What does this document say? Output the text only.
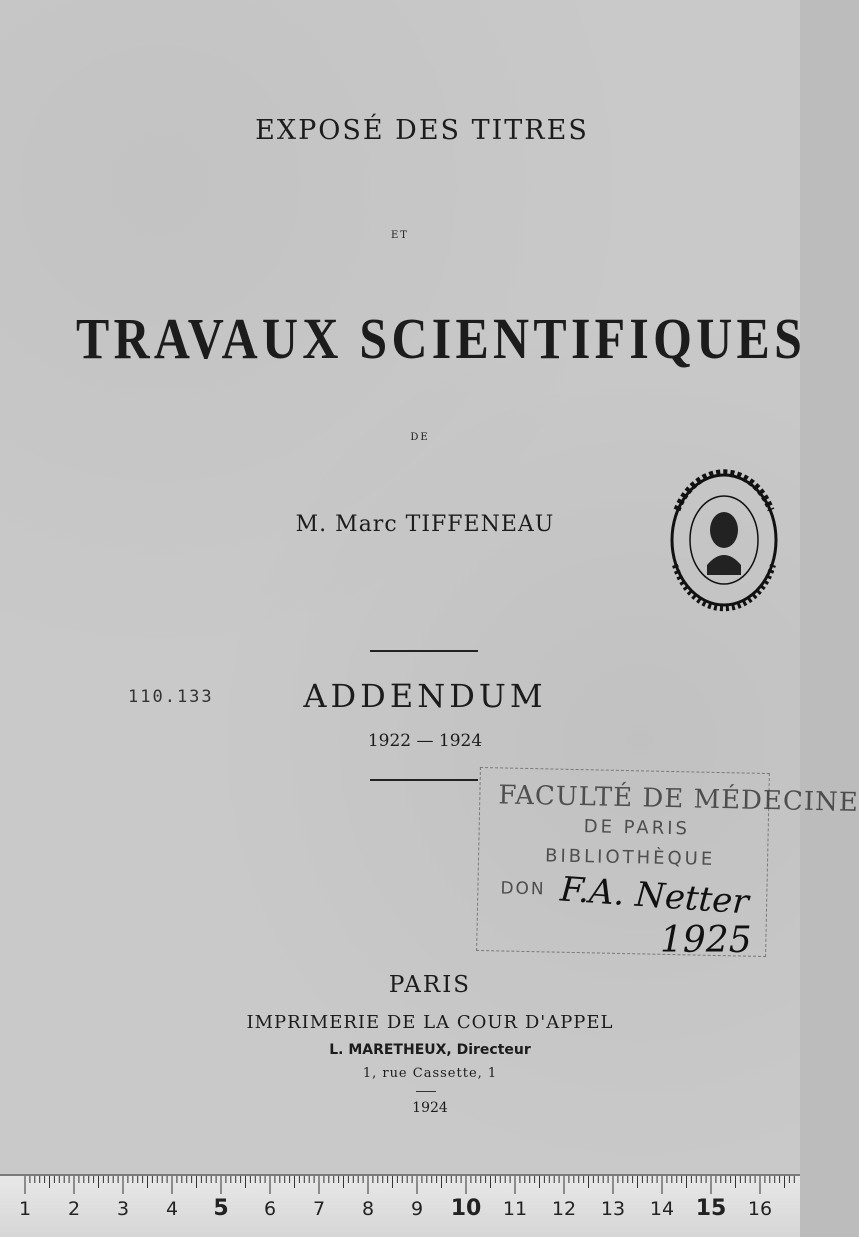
EXPOSÉ DES TITRES
ET
TRAVAUX SCIENTIFIQUES
DE
M. Marc TIFFENEAU
110.133	ADDENDUM
1922 — 1924
FACULTÉ DE MÉDECINE
DE PARIS
BIBLIOTHÈQUE
DON F.A. Netter
1925
PARIS
IMPRIMERIE DE LA COUR D'APPEL
L. MARETHEUX, Directeur
1, rue Cassette, 1
1924
1 2 3 4 5 6 7 8 9 10 11 12 13 14 15 16
